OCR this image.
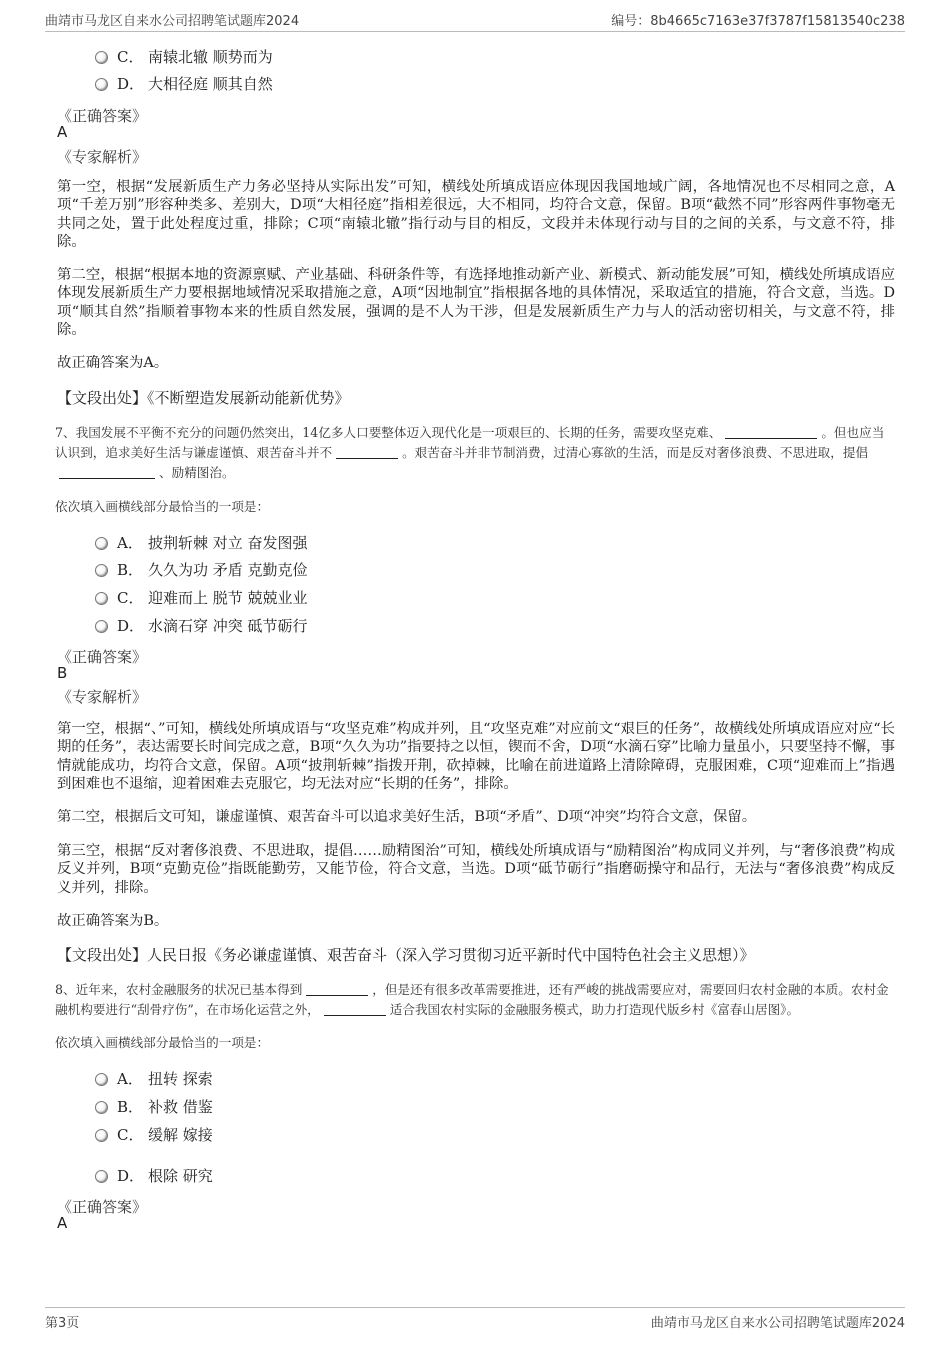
曲靖市马龙区自来水公司招聘笔试题库2024	编号：8b4665c7163e37f3787f15813540c238
C． 南辕北辙 顺势而为
D． 大相径庭 顺其自然
《正确答案》
A
《专家解析》

第一空，根据“发展新质生产力务必坚持从实际出发”可知，横线处所填成语应体现因我国地域广阔，各地情况也不尽相同之意，A项“千差万别”形容种类多、差别大，D项“大相径庭”指相差很远，大不相同，均符合文意，保留。B项“截然不同”形容两件事物毫无共同之处，置于此处程度过重，排除；C项“南辕北辙”指行动与目的相反，文段并未体现行动与目的之间的关系，与文意不符，排除。

第二空，根据“根据本地的资源禀赋、产业基础、科研条件等，有选择地推动新产业、新模式、新动能发展”可知，横线处所填成语应体现发展新质生产力要根据地域情况采取措施之意，A项“因地制宜”指根据各地的具体情况，采取适宜的措施，符合文意，当选。D项“顺其自然”指顺着事物本来的性质自然发展，强调的是不人为干涉，但是发展新质生产力与人的活动密切相关，与文意不符，排除。

故正确答案为A。

【文段出处】《不断塑造发展新动能新优势》

7、我国发展不平衡不充分的问题仍然突出，14亿多人口要整体迈入现代化是一项艰巨的、长期的任务，需要攻坚克难、	。但也应当认识到，追求美好生活与谦虚谨慎、艰苦奋斗并不	。艰苦奋斗并非节制消费，过清心寡欲的生活，而是反对奢侈浪费、不思进取，提倡、励精图治。

依次填入画横线部分最恰当的一项是：
A． 披荆斩棘 对立 奋发图强
B． 久久为功 矛盾 克勤克俭
C． 迎难而上 脱节 兢兢业业
D． 水滴石穿 冲突 砥节砺行
《正确答案》
B
《专家解析》

第一空，根据“、”可知，横线处所填成语与“攻坚克难”构成并列，且“攻坚克难”对应前文“艰巨的任务”，故横线处所填成语应对应“长期的任务”，表达需要长时间完成之意，B项“久久为功”指要持之以恒，锲而不舍，D项“水滴石穿”比喻力量虽小，只要坚持不懈，事情就能成功，均符合文意，保留。A项“披荆斩棘”指拨开荆，砍掉棘，比喻在前进道路上清除障碍，克服困难，C项“迎难而上”指遇到困难也不退缩，迎着困难去克服它，均无法对应“长期的任务”，排除。

第二空，根据后文可知，谦虚谨慎、艰苦奋斗可以追求美好生活，B项“矛盾”、D项“冲突”均符合文意，保留。

第三空，根据“反对奢侈浪费、不思进取，提倡……励精图治”可知，横线处所填成语与“励精图治”构成同义并列，与“奢侈浪费”构成反义并列，B项“克勤克俭”指既能勤劳，又能节俭，符合文意，当选。D项“砥节砺行”指磨砺操守和品行，无法与“奢侈浪费”构成反义并列，排除。

故正确答案为B。

【文段出处】人民日报《务必谦虚谨慎、艰苦奋斗（深入学习贯彻习近平新时代中国特色社会主义思想）》

8、近年来，农村金融服务的状况已基本得到	，但是还有很多改革需要推进，还有严峻的挑战需要应对，需要回归农村金融的本质。农村金融机构要进行“刮骨疗伤”，在市场化运营之外，	适合我国农村实际的金融服务模式，助力打造现代版乡村《富春山居图》。

依次填入画横线部分最恰当的一项是：
A． 扭转 探索
B． 补救 借鉴
C． 缓解 嫁接
D． 根除 研究
《正确答案》
A
第3页	曲靖市马龙区自来水公司招聘笔试题库2024
